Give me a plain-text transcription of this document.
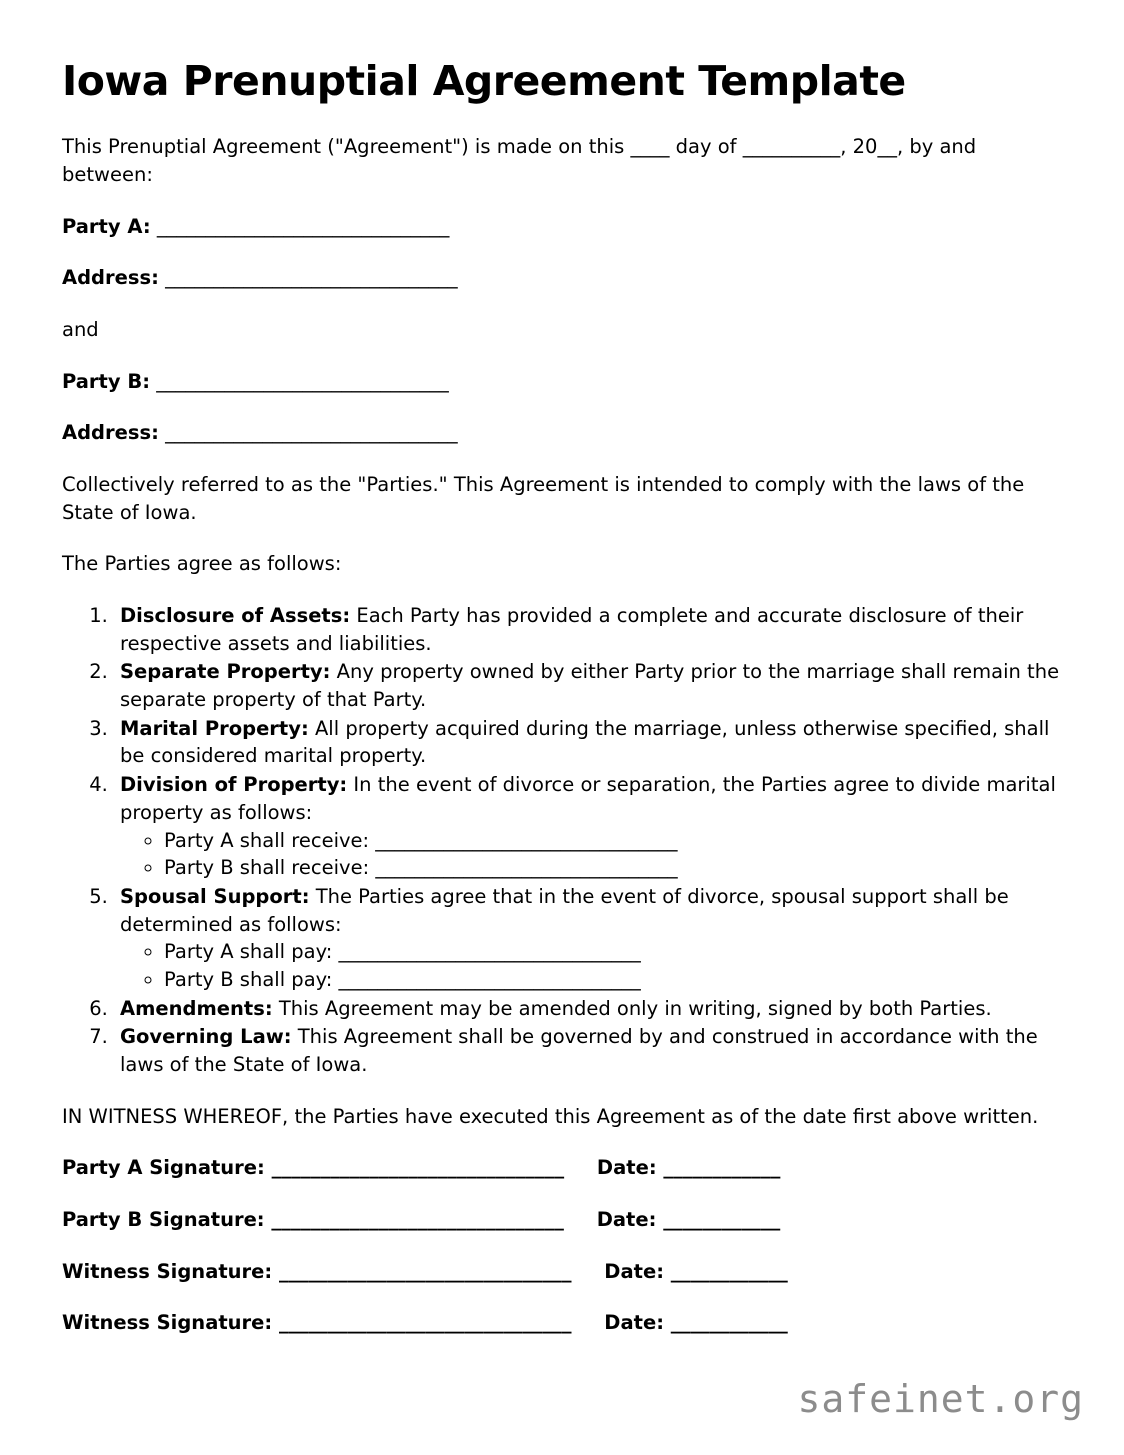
Iowa Prenuptial Agreement Template

This Prenuptial Agreement ("Agreement") is made on this ____ day of __________, 20__, by and between:

Party A: ______________________________
Address: ______________________________
and
Party B: ______________________________
Address: ______________________________

Collectively referred to as the "Parties." This Agreement is intended to comply with the laws of the State of Iowa.

The Parties agree as follows:

1. Disclosure of Assets: Each Party has provided a complete and accurate disclosure of their respective assets and liabilities.
2. Separate Property: Any property owned by either Party prior to the marriage shall remain the separate property of that Party.
3. Marital Property: All property acquired during the marriage, unless otherwise specified, shall be considered marital property.
4. Division of Property: In the event of divorce or separation, the Parties agree to divide marital property as follows:
◦ Party A shall receive: _______________________________
◦ Party B shall receive: _______________________________
5. Spousal Support: The Parties agree that in the event of divorce, spousal support shall be determined as follows:
◦ Party A shall pay: _______________________________
◦ Party B shall pay: _______________________________
6. Amendments: This Agreement may be amended only in writing, signed by both Parties.
7. Governing Law: This Agreement shall be governed by and construed in accordance with the laws of the State of Iowa.

IN WITNESS WHEREOF, the Parties have executed this Agreement as of the date first above written.

Party A Signature: ______________________________ Date: ____________
Party B Signature: ______________________________ Date: ____________
Witness Signature: ______________________________ Date: ____________
Witness Signature: ______________________________ Date: ____________
safeinet.org
